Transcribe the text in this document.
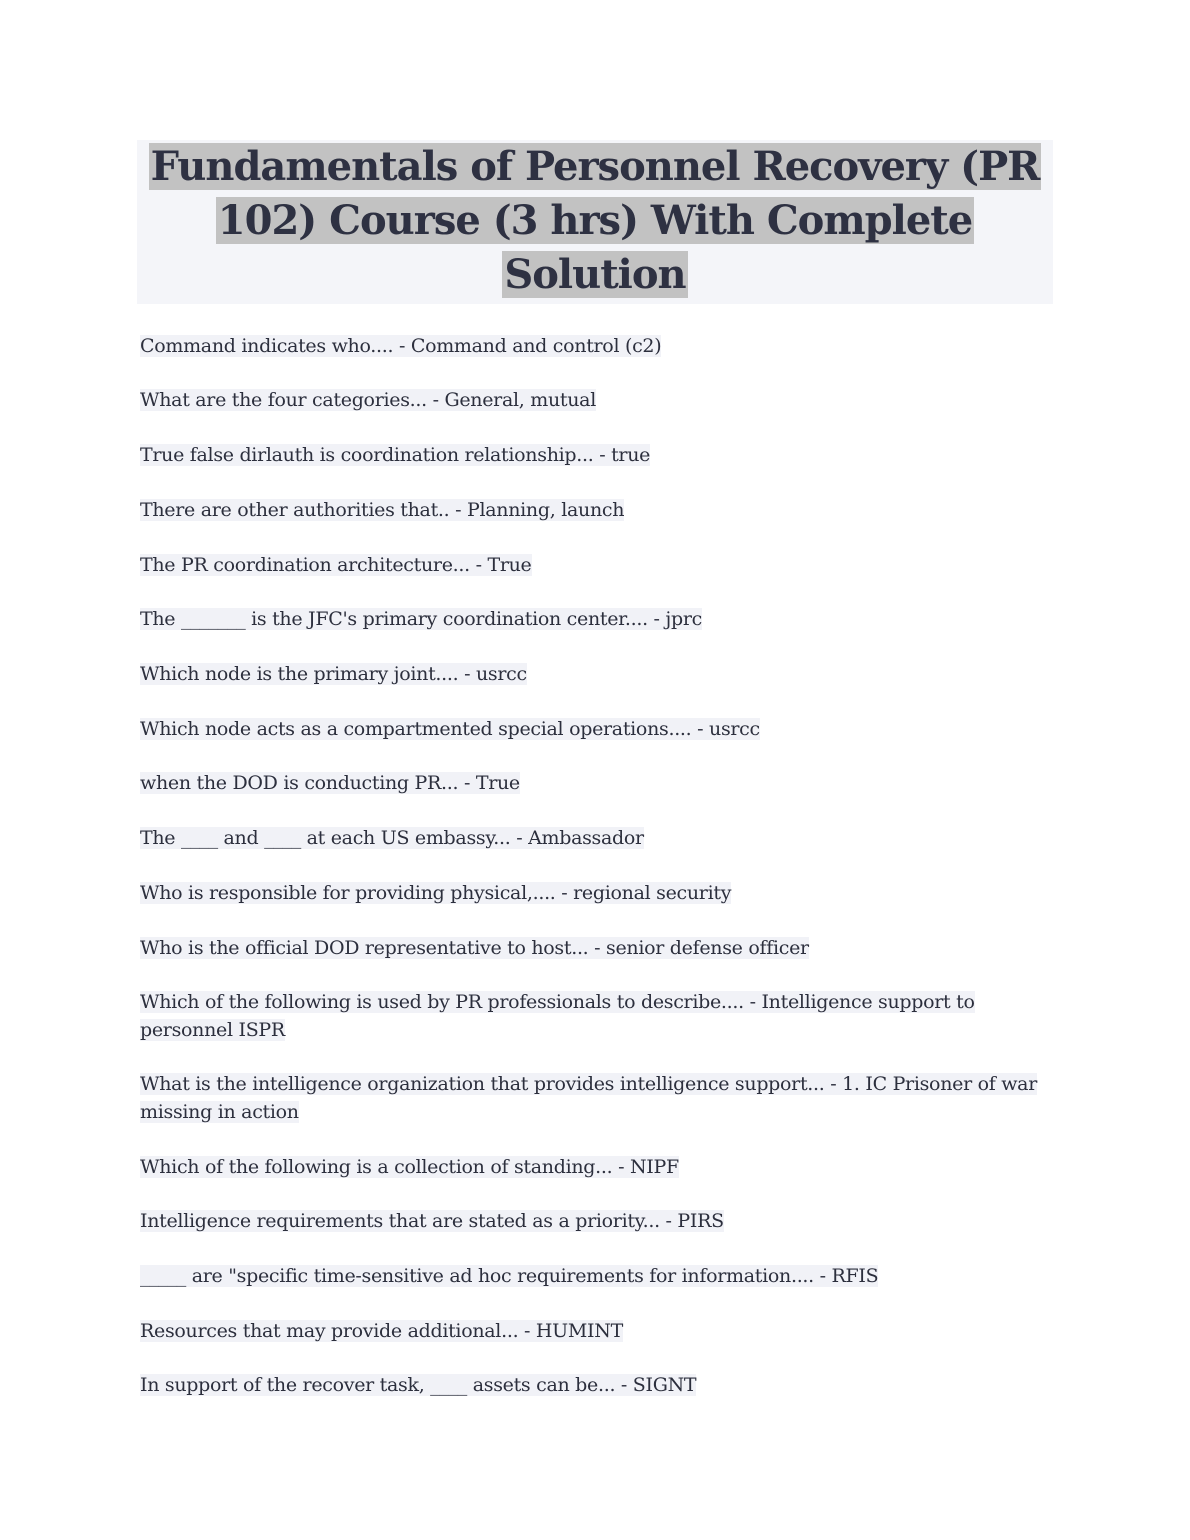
Fundamentals of Personnel Recovery (PR
102) Course (3 hrs) With Complete
Solution
Command indicates who.... - Command and control (c2)
What are the four categories... - General, mutual
True false dirlauth is coordination relationship... - true
There are other authorities that.. - Planning, launch
The PR coordination architecture... - True
The _______ is the JFC's primary coordination center.... - jprc
Which node is the primary joint.... - usrcc
Which node acts as a compartmented special operations.... - usrcc
when the DOD is conducting PR... - True
The ____ and ____ at each US embassy... - Ambassador
Who is responsible for providing physical,.... - regional security
Who is the official DOD representative to host... - senior defense officer
Which of the following is used by PR professionals to describe.... - Intelligence support to personnel ISPR
What is the intelligence organization that provides intelligence support... - 1. IC Prisoner of war missing in action
Which of the following is a collection of standing... - NIPF
Intelligence requirements that are stated as a priority... - PIRS
_____ are "specific time-sensitive ad hoc requirements for information.... - RFIS
Resources that may provide additional... - HUMINT
In support of the recover task, ____ assets can be... - SIGNT
